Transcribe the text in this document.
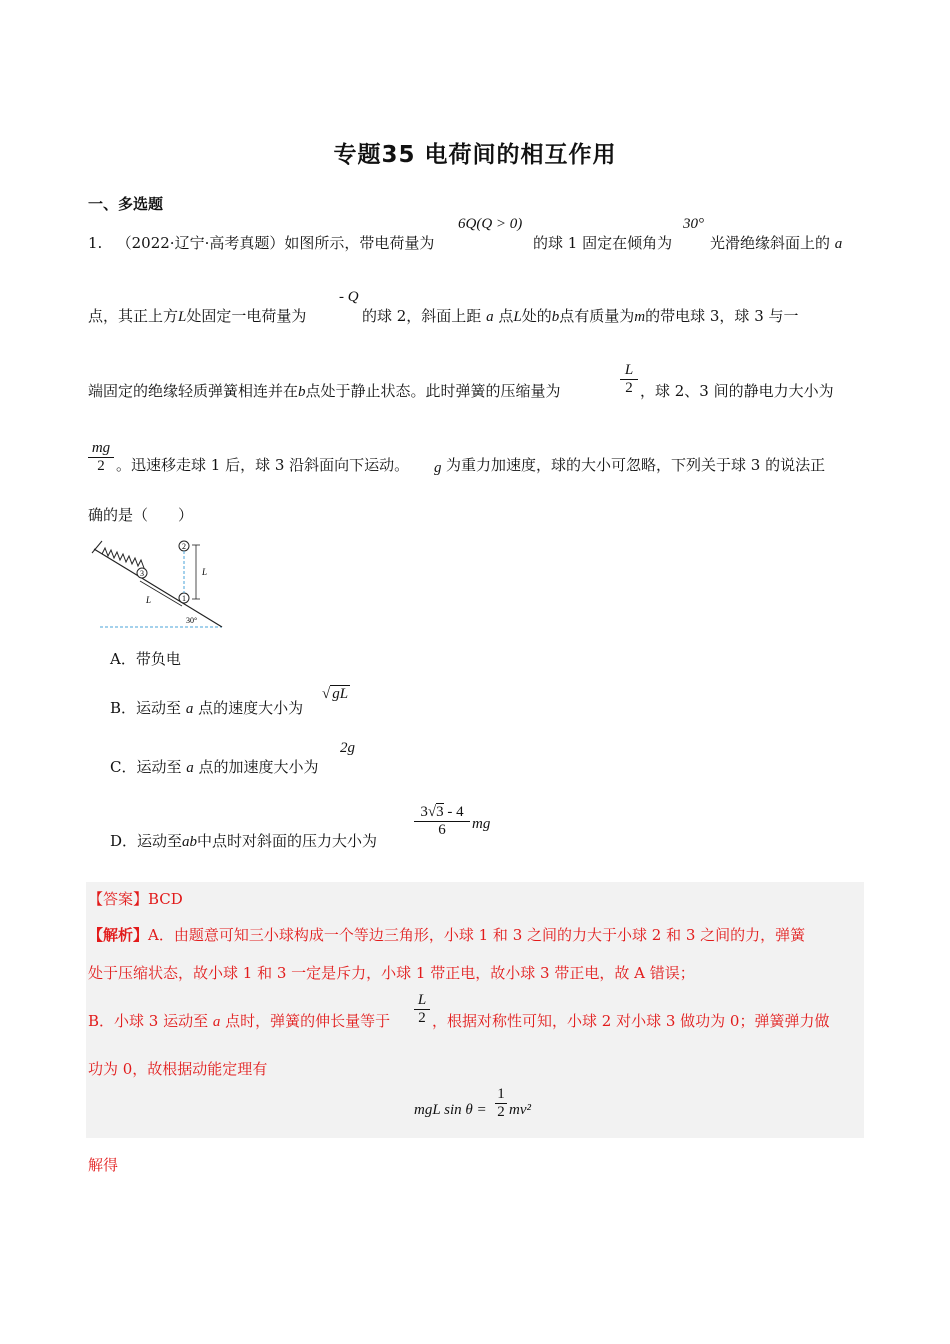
专题35 电荷间的相互作用
一、多选题
1. （2022·辽宁·高考真题）如图所示，带电荷量为
6Q(Q > 0)
的球 1 固定在倾角为
30°
光滑绝缘斜面上的 a
点，其正上方L处固定一电荷量为
- Q
的球 2，斜面上距 a 点L处的b点有质量为m的带电球 3，球 3 与一
端固定的绝缘轻质弹簧相连并在b点处于静止状态。此时弹簧的压缩量为	$\frac{L}{2}$ ，球 2、3 间的静电力大小为
$\frac{mg}{2}$ 。迅速移走球 1 后，球 3 沿斜面向下运动。 g 为重力加速度，球的大小可忽略，下列关于球 3 的说法正
确的是（　　）
3
1
2
L
L
30°
A．带负电
B．运动至 a 点的速度大小为
√ gL
C．运动至 a 点的加速度大小为
2g
D．运动至ab中点时对斜面的压力大小为
$\frac{3√3 - 4}{6}$ mg
【答案】BCD
【解析】A．由题意可知三小球构成一个等边三角形，小球 1 和 3 之间的力大于小球 2 和 3 之间的力，弹簧
处于压缩状态，故小球 1 和 3 一定是斥力，小球 1 带正电，故小球 3 带正电，故 A 错误；
B．小球 3 运动至 a 点时，弹簧的伸长量等于 $\frac{L}{2}$ ，根据对称性可知，小球 2 对小球 3 做功为 0；弹簧弹力做
功为 0，故根据动能定理有
mgL $\sin \theta = \frac{1}{2} mv^2$
解得
